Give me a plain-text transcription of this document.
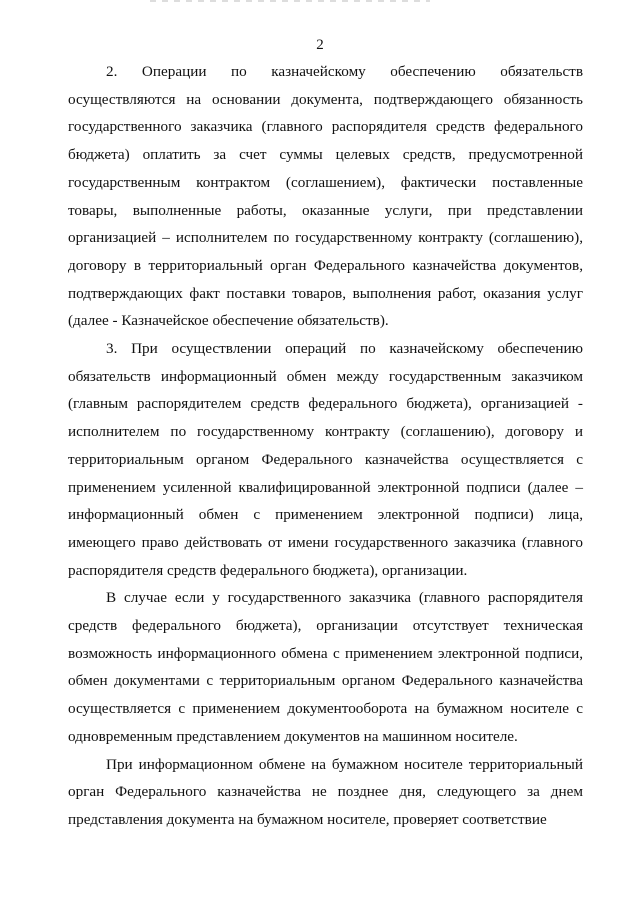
2

2. Операции по казначейскому обеспечению обязательств осуществляются на основании документа, подтверждающего обязанность государственного заказчика (главного распорядителя средств федерального бюджета) оплатить за счет суммы целевых средств, предусмотренной государственным контрактом (соглашением), фактически поставленные товары, выполненные работы, оказанные услуги, при представлении организацией – исполнителем по государственному контракту (соглашению), договору в территориальный орган Федерального казначейства документов, подтверждающих факт поставки товаров, выполнения работ, оказания услуг (далее - Казначейское обеспечение обязательств).

3. При осуществлении операций по казначейскому обеспечению обязательств информационный обмен между государственным заказчиком (главным распорядителем средств федерального бюджета), организацией - исполнителем по государственному контракту (соглашению), договору и территориальным органом Федерального казначейства осуществляется с применением усиленной квалифицированной электронной подписи (далее – информационный обмен с применением электронной подписи) лица, имеющего право действовать от имени государственного заказчика (главного распорядителя средств федерального бюджета), организации.

В случае если у государственного заказчика (главного распорядителя средств федерального бюджета), организации отсутствует техническая возможность информационного обмена с применением электронной подписи, обмен документами с территориальным органом Федерального казначейства осуществляется с применением документооборота на бумажном носителе с одновременным представлением документов на машинном носителе.

При информационном обмене на бумажном носителе территориальный орган Федерального казначейства не позднее дня, следующего за днем представления документа на бумажном носителе, проверяет соответствие
